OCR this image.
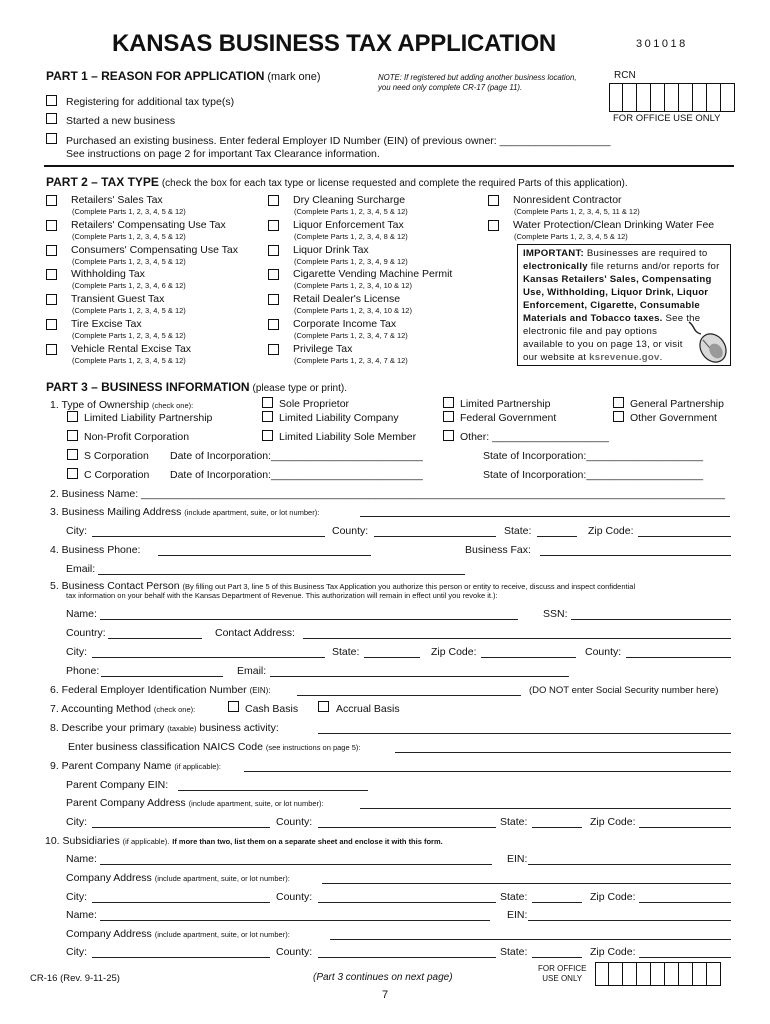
KANSAS BUSINESS TAX APPLICATION	301018
RCN
FOR OFFICE USE ONLY
PART 1 – REASON FOR APPLICATION (mark one)	NOTE: If registered but adding another business location, you need only complete CR-17 (page 11).
Registering for additional tax type(s)
Started a new business
Purchased an existing business. Enter federal Employer ID Number (EIN) of previous owner: ___________________
See instructions on page 2 for important Tax Clearance information.
PART 2 – TAX TYPE (check the box for each tax type or license requested and complete the required Parts of this application).
Retailers' Sales Tax
(Complete Parts 1, 2, 3, 4, 5 & 12)
Retailers' Compensating Use Tax
(Complete Parts 1, 2, 3, 4, 5 & 12)
Consumers' Compensating Use Tax
(Complete Parts 1, 2, 3, 4, 5 & 12)
Withholding Tax
(Complete Parts 1, 2, 3, 4, 6 & 12)
Transient Guest Tax
(Complete Parts 1, 2, 3, 4, 5 & 12)
Tire Excise Tax
(Complete Parts 1, 2, 3, 4, 5 & 12)
Vehicle Rental Excise Tax
(Complete Parts 1, 2, 3, 4, 5 & 12)
Dry Cleaning Surcharge
(Complete Parts 1, 2, 3, 4, 5 & 12)
Liquor Enforcement Tax
(Complete Parts 1, 2, 3, 4, 8 & 12)
Liquor Drink Tax
(Complete Parts 1, 2, 3, 4, 9 & 12)
Cigarette Vending Machine Permit
(Complete Parts 1, 2, 3, 4, 10 & 12)
Retail Dealer's License
(Complete Parts 1, 2, 3, 4, 10 & 12)
Corporate Income Tax
(Complete Parts 1, 2, 3, 4, 7 & 12)
Privilege Tax
(Complete Parts 1, 2, 3, 4, 7 & 12)
Nonresident Contractor
(Complete Parts 1, 2, 3, 4, 5, 11 & 12)
Water Protection/Clean Drinking Water Fee
(Complete Parts 1, 2, 3, 4, 5 & 12)
IMPORTANT: Businesses are required to
electronically file returns and/or reports for
Kansas Retailers' Sales, Compensating
Use, Withholding, Liquor Drink, Liquor
Enforcement, Cigarette, Consumable
Materials and Tobacco taxes. See the
electronic file and pay options
available to you on page 13, or visit
our website at ksrevenue.gov.
PART 3 – BUSINESS INFORMATION (please type or print).
1. Type of Ownership (check one):
Limited Liability Partnership
Sole Proprietor
Limited Liability Company
Limited Partnership
Federal Government
General Partnership
Other Government
Non-Profit Corporation	Limited Liability Sole Member	Other: ____________________
S Corporation Date of Incorporation:__________________________	State of Incorporation:____________________
C Corporation Date of Incorporation:__________________________	State of Incorporation:____________________
2. Business Name: ____________________________________________________________________________________________________
3. Business Mailing Address (include apartment, suite, or lot number):
City:	County:	State:	Zip Code:
4. Business Phone:	Business Fax:
Email:
5. Business Contact Person (By filling out Part 3, line 5 of this Business Tax Application you authorize this person or entity to receive, discuss and inspect confidential
tax information on your behalf with the Kansas Department of Revenue. This authorization will remain in effect until you revoke it.):
Name:	SSN:
Country:	Contact Address:
City:	State:	Zip Code:	County:
Phone:	Email:
6. Federal Employer Identification Number (EIN):	(DO NOT enter Social Security number here)
7. Accounting Method (check one):	Cash Basis	Accrual Basis
8. Describe your primary (taxable) business activity:
Enter business classification NAICS Code (see instructions on page 5):
9. Parent Company Name (if applicable):
Parent Company EIN:
Parent Company Address (include apartment, suite, or lot number):
City:	County:	State:	Zip Code:
10. Subsidiaries (if applicable). If more than two, list them on a separate sheet and enclose it with this form.
Name:	EIN:
Company Address (include apartment, suite, or lot number):
City:	County:	State:	Zip Code:
Name:	EIN:
Company Address (include apartment, suite, or lot number):
City:	County:	State:	Zip Code:
CR-16 (Rev. 9-11-25)	(Part 3 continues on next page)
7
FOR OFFICE
USE ONLY
